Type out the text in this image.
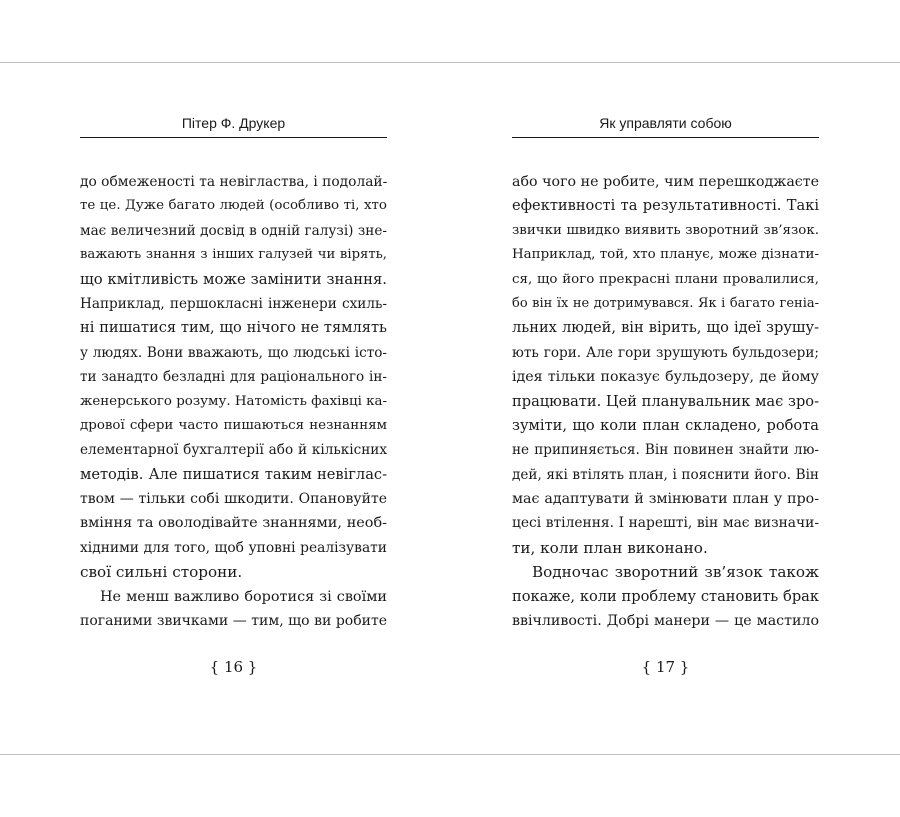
Пітер Ф. Друкер
до обмеженості та невігластва, і подолай-
те це. Дуже багато людей (особливо ті, хто
має величезний досвід в одній галузі) зне-
важають знання з інших галузей чи вірять,
що кмітливість може замінити знання.
Наприклад, першокласні інженери схиль-
ні пишатися тим, що нічого не тямлять
у людях. Вони вважають, що людські істо-
ти занадто безладні для раціонального ін-
женерського розуму. Натомість фахівці ка-
дрової сфери часто пишаються незнанням
елементарної бухгалтерії або й кількісних
методів. Але пишатися таким невіглас-
твом — тільки собі шкодити. Опановуйте
вміння та оволодівайте знаннями, необ-
хідними для того, щоб уповні реалізувати
свої сильні сторони.
Не менш важливо боротися зі своїми
поганими звичками — тим, що ви робите
{ 16 }
Як управляти собою
або чого не робите, чим перешкоджаєте
ефективності та результативності. Такі
звички швидко виявить зворотний зв’язок.
Наприклад, той, хто планує, може дізнати-
ся, що його прекрасні плани провалилися,
бо він їх не дотримувався. Як і багато геніа-
льних людей, він вірить, що ідеї зрушу-
ють гори. Але гори зрушують бульдозери;
ідея тільки показує бульдозеру, де йому
працювати. Цей планувальник має зро-
зуміти, що коли план складено, робота
не припиняється. Він повинен знайти лю-
дей, які втілять план, і пояснити його. Він
має адаптувати й змінювати план у про-
цесі втілення. І нарешті, він має визначи-
ти, коли план виконано.
Водночас зворотний зв’язок також
покаже, коли проблему становить брак
ввічливості. Добрі манери — це мастило
{ 17 }
